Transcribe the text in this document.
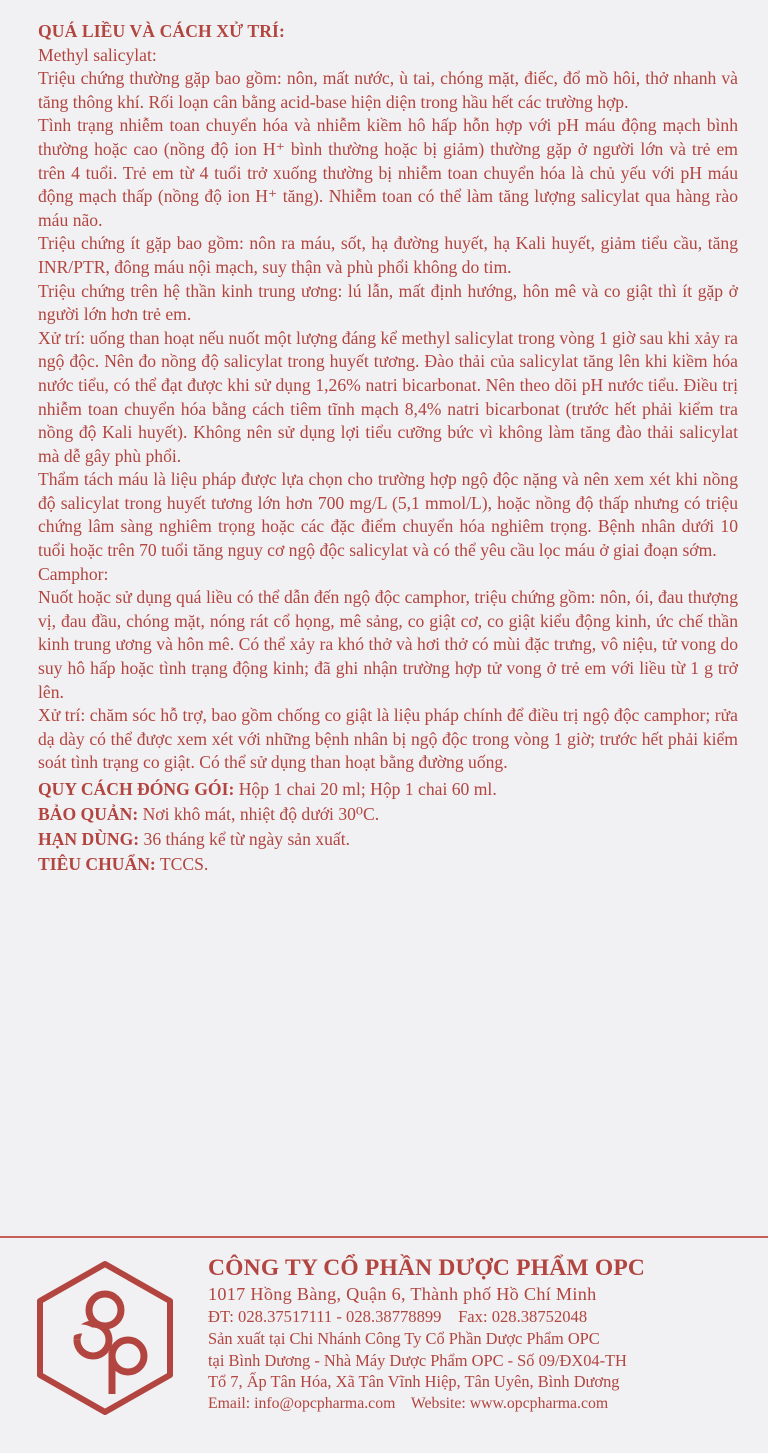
QUÁ LIỀU VÀ CÁCH XỬ TRÍ:

Methyl salicylat:

Triệu chứng thường gặp bao gồm: nôn, mất nước, ù tai, chóng mặt, điếc, đổ mồ hôi, thở nhanh và tăng thông khí. Rối loạn cân bằng acid-base hiện diện trong hầu hết các trường hợp.

Tình trạng nhiễm toan chuyển hóa và nhiễm kiềm hô hấp hỗn hợp với pH máu động mạch bình thường hoặc cao (nồng độ ion H⁺ bình thường hoặc bị giảm) thường gặp ở người lớn và trẻ em trên 4 tuổi. Trẻ em từ 4 tuổi trở xuống thường bị nhiễm toan chuyển hóa là chủ yếu với pH máu động mạch thấp (nồng độ ion H⁺ tăng). Nhiễm toan có thể làm tăng lượng salicylat qua hàng rào máu não.

Triệu chứng ít gặp bao gồm: nôn ra máu, sốt, hạ đường huyết, hạ Kali huyết, giảm tiểu cầu, tăng INR/PTR, đông máu nội mạch, suy thận và phù phổi không do tim.

Triệu chứng trên hệ thần kinh trung ương: lú lẫn, mất định hướng, hôn mê và co giật thì ít gặp ở người lớn hơn trẻ em.

Xử trí: uống than hoạt nếu nuốt một lượng đáng kể methyl salicylat trong vòng 1 giờ sau khi xảy ra ngộ độc. Nên đo nồng độ salicylat trong huyết tương. Đào thải của salicylat tăng lên khi kiềm hóa nước tiểu, có thể đạt được khi sử dụng 1,26% natri bicarbonat. Nên theo dõi pH nước tiểu. Điều trị nhiễm toan chuyển hóa bằng cách tiêm tĩnh mạch 8,4% natri bicarbonat (trước hết phải kiểm tra nồng độ Kali huyết). Không nên sử dụng lợi tiểu cưỡng bức vì không làm tăng đào thải salicylat mà dễ gây phù phổi.

Thẩm tách máu là liệu pháp được lựa chọn cho trường hợp ngộ độc nặng và nên xem xét khi nồng độ salicylat trong huyết tương lớn hơn 700 mg/L (5,1 mmol/L), hoặc nồng độ thấp nhưng có triệu chứng lâm sàng nghiêm trọng hoặc các đặc điểm chuyển hóa nghiêm trọng. Bệnh nhân dưới 10 tuổi hoặc trên 70 tuổi tăng nguy cơ ngộ độc salicylat và có thể yêu cầu lọc máu ở giai đoạn sớm.

Camphor:

Nuốt hoặc sử dụng quá liều có thể dẫn đến ngộ độc camphor, triệu chứng gồm: nôn, ói, đau thượng vị, đau đầu, chóng mặt, nóng rát cổ họng, mê sảng, co giật cơ, co giật kiểu động kinh, ức chế thần kinh trung ương và hôn mê. Có thể xảy ra khó thở và hơi thở có mùi đặc trưng, vô niệu, tử vong do suy hô hấp hoặc tình trạng động kinh; đã ghi nhận trường hợp tử vong ở trẻ em với liều từ 1 g trở lên.

Xử trí: chăm sóc hỗ trợ, bao gồm chống co giật là liệu pháp chính để điều trị ngộ độc camphor; rửa dạ dày có thể được xem xét với những bệnh nhân bị ngộ độc trong vòng 1 giờ; trước hết phải kiểm soát tình trạng co giật. Có thể sử dụng than hoạt bằng đường uống.

QUY CÁCH ĐÓNG GÓI: Hộp 1 chai 20 ml; Hộp 1 chai 60 ml.

BẢO QUẢN: Nơi khô mát, nhiệt độ dưới 30⁰C.

HẠN DÙNG: 36 tháng kể từ ngày sản xuất.

TIÊU CHUẨN: TCCS.

CÔNG TY CỔ PHẦN DƯỢC PHẨM OPC
1017 Hồng Bàng, Quận 6, Thành phố Hồ Chí Minh
ĐT: 028.37517111 - 028.38778899    Fax: 028.38752048
Sản xuất tại Chi Nhánh Công Ty Cổ Phần Dược Phẩm OPC
tại Bình Dương - Nhà Máy Dược Phẩm OPC - Số 09/ĐX04-TH
Tổ 7, Ấp Tân Hóa, Xã Tân Vĩnh Hiệp, Tân Uyên, Bình Dương
Email: info@opcpharma.com    Website: www.opcpharma.com
